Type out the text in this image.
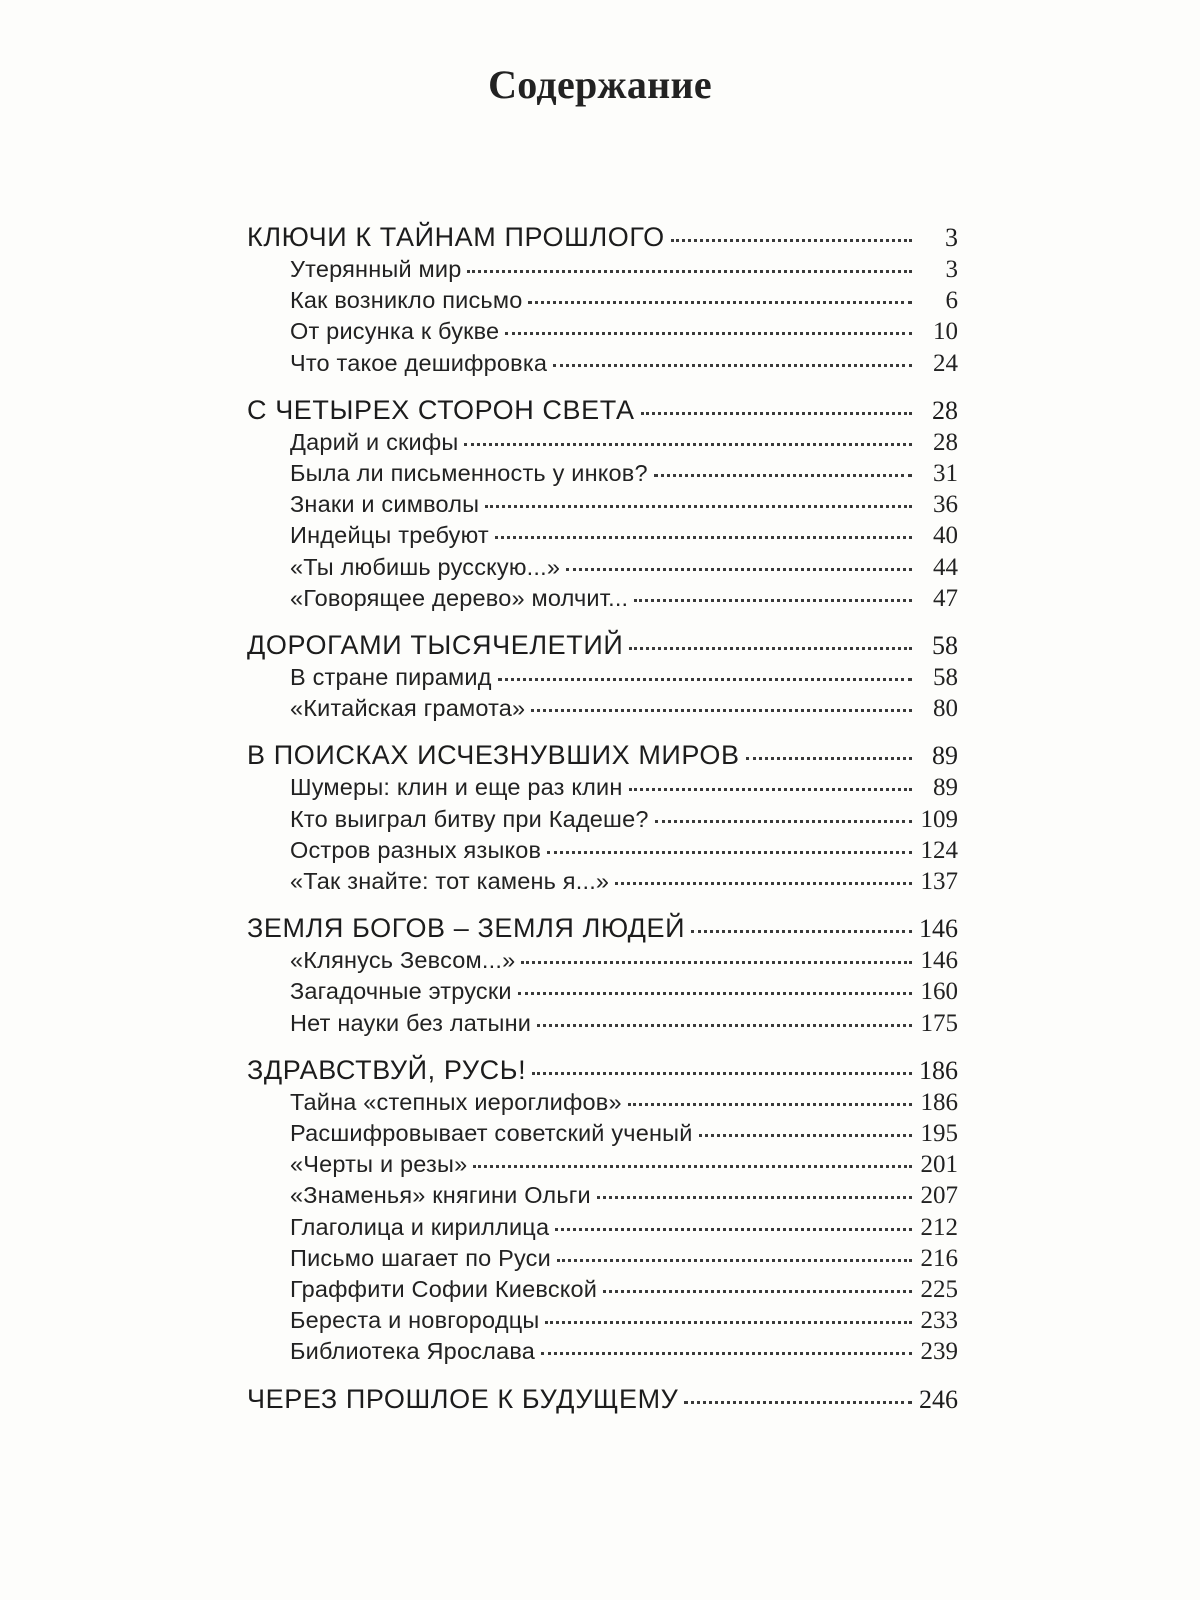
Содержание
КЛЮЧИ К ТАЙНАМ ПРОШЛОГО	3
Утерянный мир	3
Как возникло письмо	6
От рисунка к букве	10
Что такое дешифровка	24
С ЧЕТЫРЕХ СТОРОН СВЕТА	28
Дарий и скифы	28
Была ли письменность у инков?	31
Знаки и символы	36
Индейцы требуют	40
«Ты любишь русскую...»	44
«Говорящее дерево» молчит...	47
ДОРОГАМИ ТЫСЯЧЕЛЕТИЙ	58
В стране пирамид	58
«Китайская грамота»	80
В ПОИСКАХ ИСЧЕЗНУВШИХ МИРОВ	89
Шумеры: клин и еще раз клин	89
Кто выиграл битву при Кадеше?	109
Остров разных языков	124
«Так знайте: тот камень я...»	137
ЗЕМЛЯ БОГОВ – ЗЕМЛЯ ЛЮДЕЙ	146
«Клянусь Зевсом...»	146
Загадочные этруски	160
Нет науки без латыни	175
ЗДРАВСТВУЙ, РУСЬ!	186
Тайна «степных иероглифов»	186
Расшифровывает советский ученый	195
«Черты и резы»	201
«Знаменья» княгини Ольги	207
Глаголица и кириллица	212
Письмо шагает по Руси	216
Граффити Софии Киевской	225
Береста и новгородцы	233
Библиотека Ярослава	239
ЧЕРЕЗ ПРОШЛОЕ К БУДУЩЕМУ	246
